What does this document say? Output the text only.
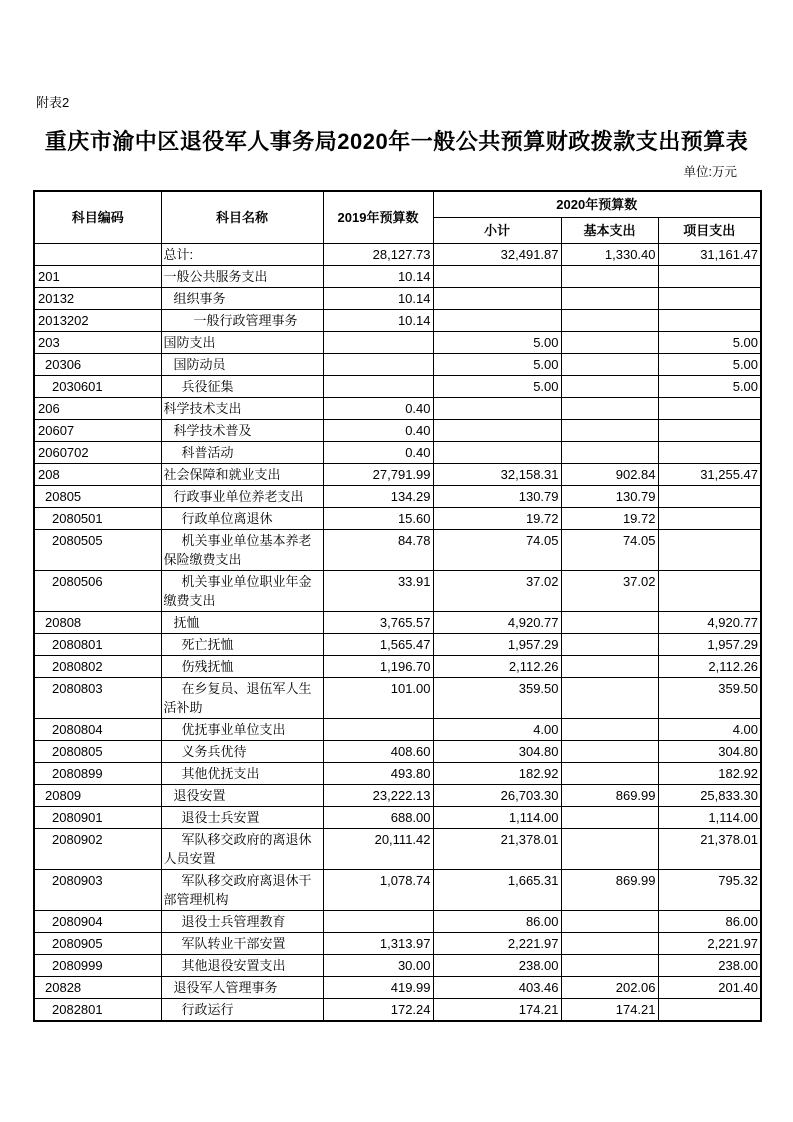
附表2
重庆市渝中区退役军人事务局2020年一般公共预算财政拨款支出预算表
单位:万元
科目编码	科目名称	2019年预算数	2020年预算数		
			小计	基本支出	项目支出
	总计:	28,127.73	32,491.87	1,330.40	31,161.47
201	一般公共服务支出	10.14			
20132	组织事务	10.14			
2013202	一般行政管理事务	10.14			
203	国防支出		5.00		5.00
20306	国防动员		5.00		5.00
2030601	兵役征集		5.00		5.00
206	科学技术支出	0.40			
20607	科学技术普及	0.40			
2060702	科普活动	0.40			
208	社会保障和就业支出	27,791.99	32,158.31	902.84	31,255.47
20805	行政事业单位养老支出	134.29	130.79	130.79	
2080501	行政单位离退休	15.60	19.72	19.72	
2080505	机关事业单位基本养老保险缴费支出	84.78	74.05	74.05	
2080506	机关事业单位职业年金缴费支出	33.91	37.02	37.02	
20808	抚恤	3,765.57	4,920.77		4,920.77
2080801	死亡抚恤	1,565.47	1,957.29		1,957.29
2080802	伤残抚恤	1,196.70	2,112.26		2,112.26
2080803	在乡复员、退伍军人生活补助	101.00	359.50		359.50
2080804	优抚事业单位支出		4.00		4.00
2080805	义务兵优待	408.60	304.80		304.80
2080899	其他优抚支出	493.80	182.92		182.92
20809	退役安置	23,222.13	26,703.30	869.99	25,833.30
2080901	退役士兵安置	688.00	1,114.00		1,114.00
2080902	军队移交政府的离退休人员安置	20,111.42	21,378.01		21,378.01
2080903	军队移交政府离退休干部管理机构	1,078.74	1,665.31	869.99	795.32
2080904	退役士兵管理教育		86.00		86.00
2080905	军队转业干部安置	1,313.97	2,221.97		2,221.97
2080999	其他退役安置支出	30.00	238.00		238.00
20828	退役军人管理事务	419.99	403.46	202.06	201.40
2082801	行政运行	172.24	174.21	174.21	
